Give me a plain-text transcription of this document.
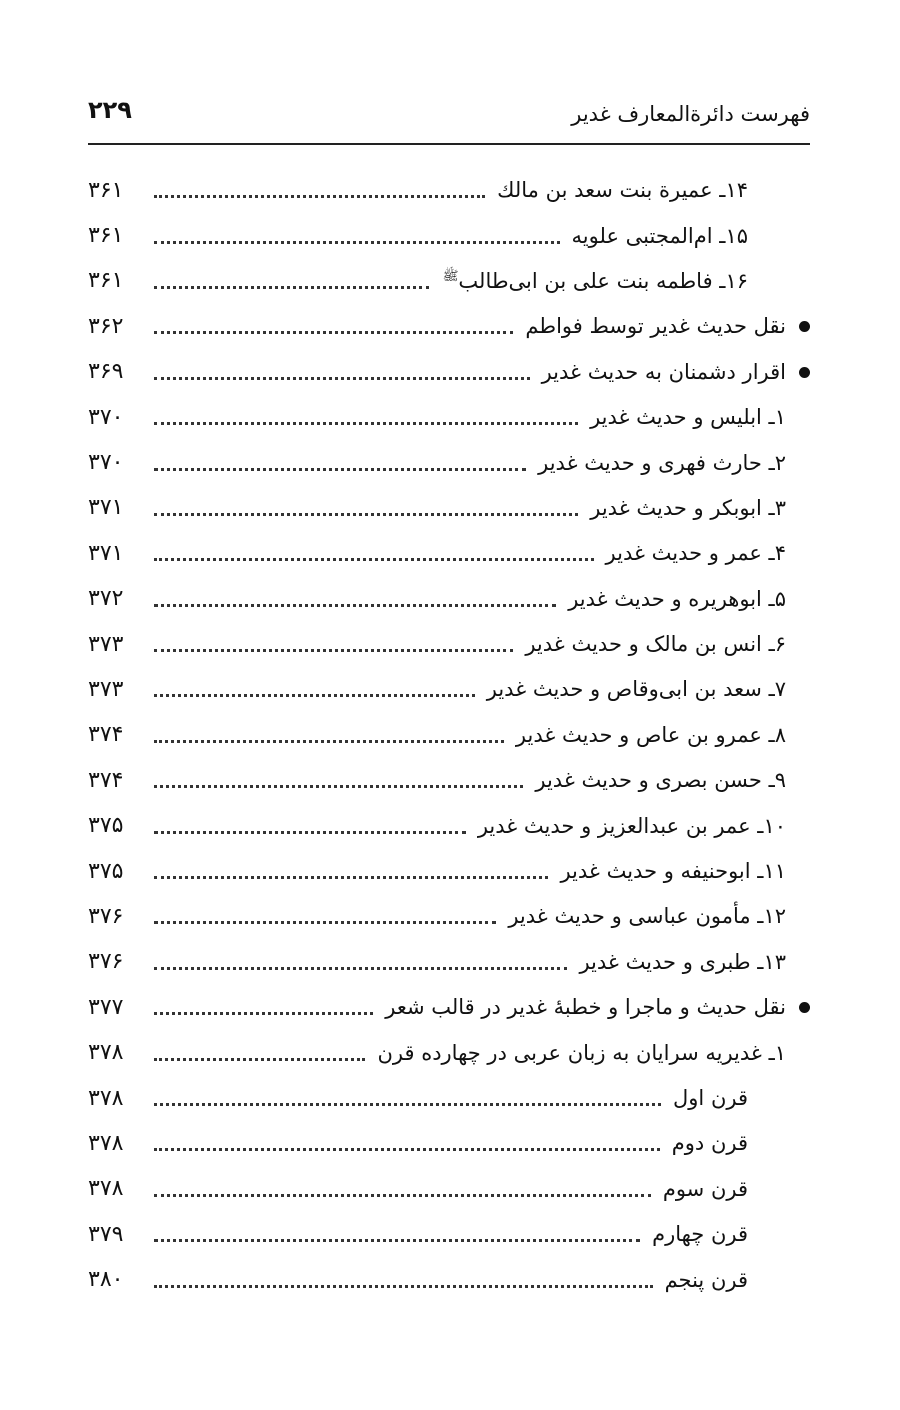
فهرست دائرةالمعارف غدير
۲۲۹
۱۴ـ عميرة بنت سعد بن مالك
۳۶۱
۱۵ـ ام‌المجتبی علويه
۳۶۱
۱۶ـ فاطمه بنت علی بن ابی‌طالب$^ﷺ$
۳۶۱
نقل حديث غدير توسط فواطم
۳۶۲
اقرار دشمنان به حديث غدير
۳۶۹
۱ـ ابليس و حديث غدير
۳۷۰
۲ـ حارث فهری و حديث غدير
۳۷۰
۳ـ ابوبكر و حديث غدير
۳۷۱
۴ـ عمر و حديث غدير
۳۷۱
۵ـ ابوهريره و حديث غدير
۳۷۲
۶ـ انس بن مالک و حديث غدير
۳۷۳
۷ـ سعد بن ابی‌وقاص و حديث غدير
۳۷۳
۸ـ عمرو بن عاص و حديث غدير
۳۷۴
۹ـ حسن بصری و حديث غدير
۳۷۴
۱۰ـ عمر بن عبدالعزيز و حديث غدير
۳۷۵
۱۱ـ ابوحنيفه و حديث غدير
۳۷۵
۱۲ـ مأمون عباسی و حديث غدير
۳۷۶
۱۳ـ طبری و حديث غدير
۳۷۶
نقل حديث و ماجرا و خطبهٔ غدير در قالب شعر
۳۷۷
۱ـ غديريه سرايان به زبان عربی در چهارده قرن
۳۷۸
قرن اول
۳۷۸
قرن دوم
۳۷۸
قرن سوم
۳۷۸
قرن چهارم
۳۷۹
قرن پنجم
۳۸۰
